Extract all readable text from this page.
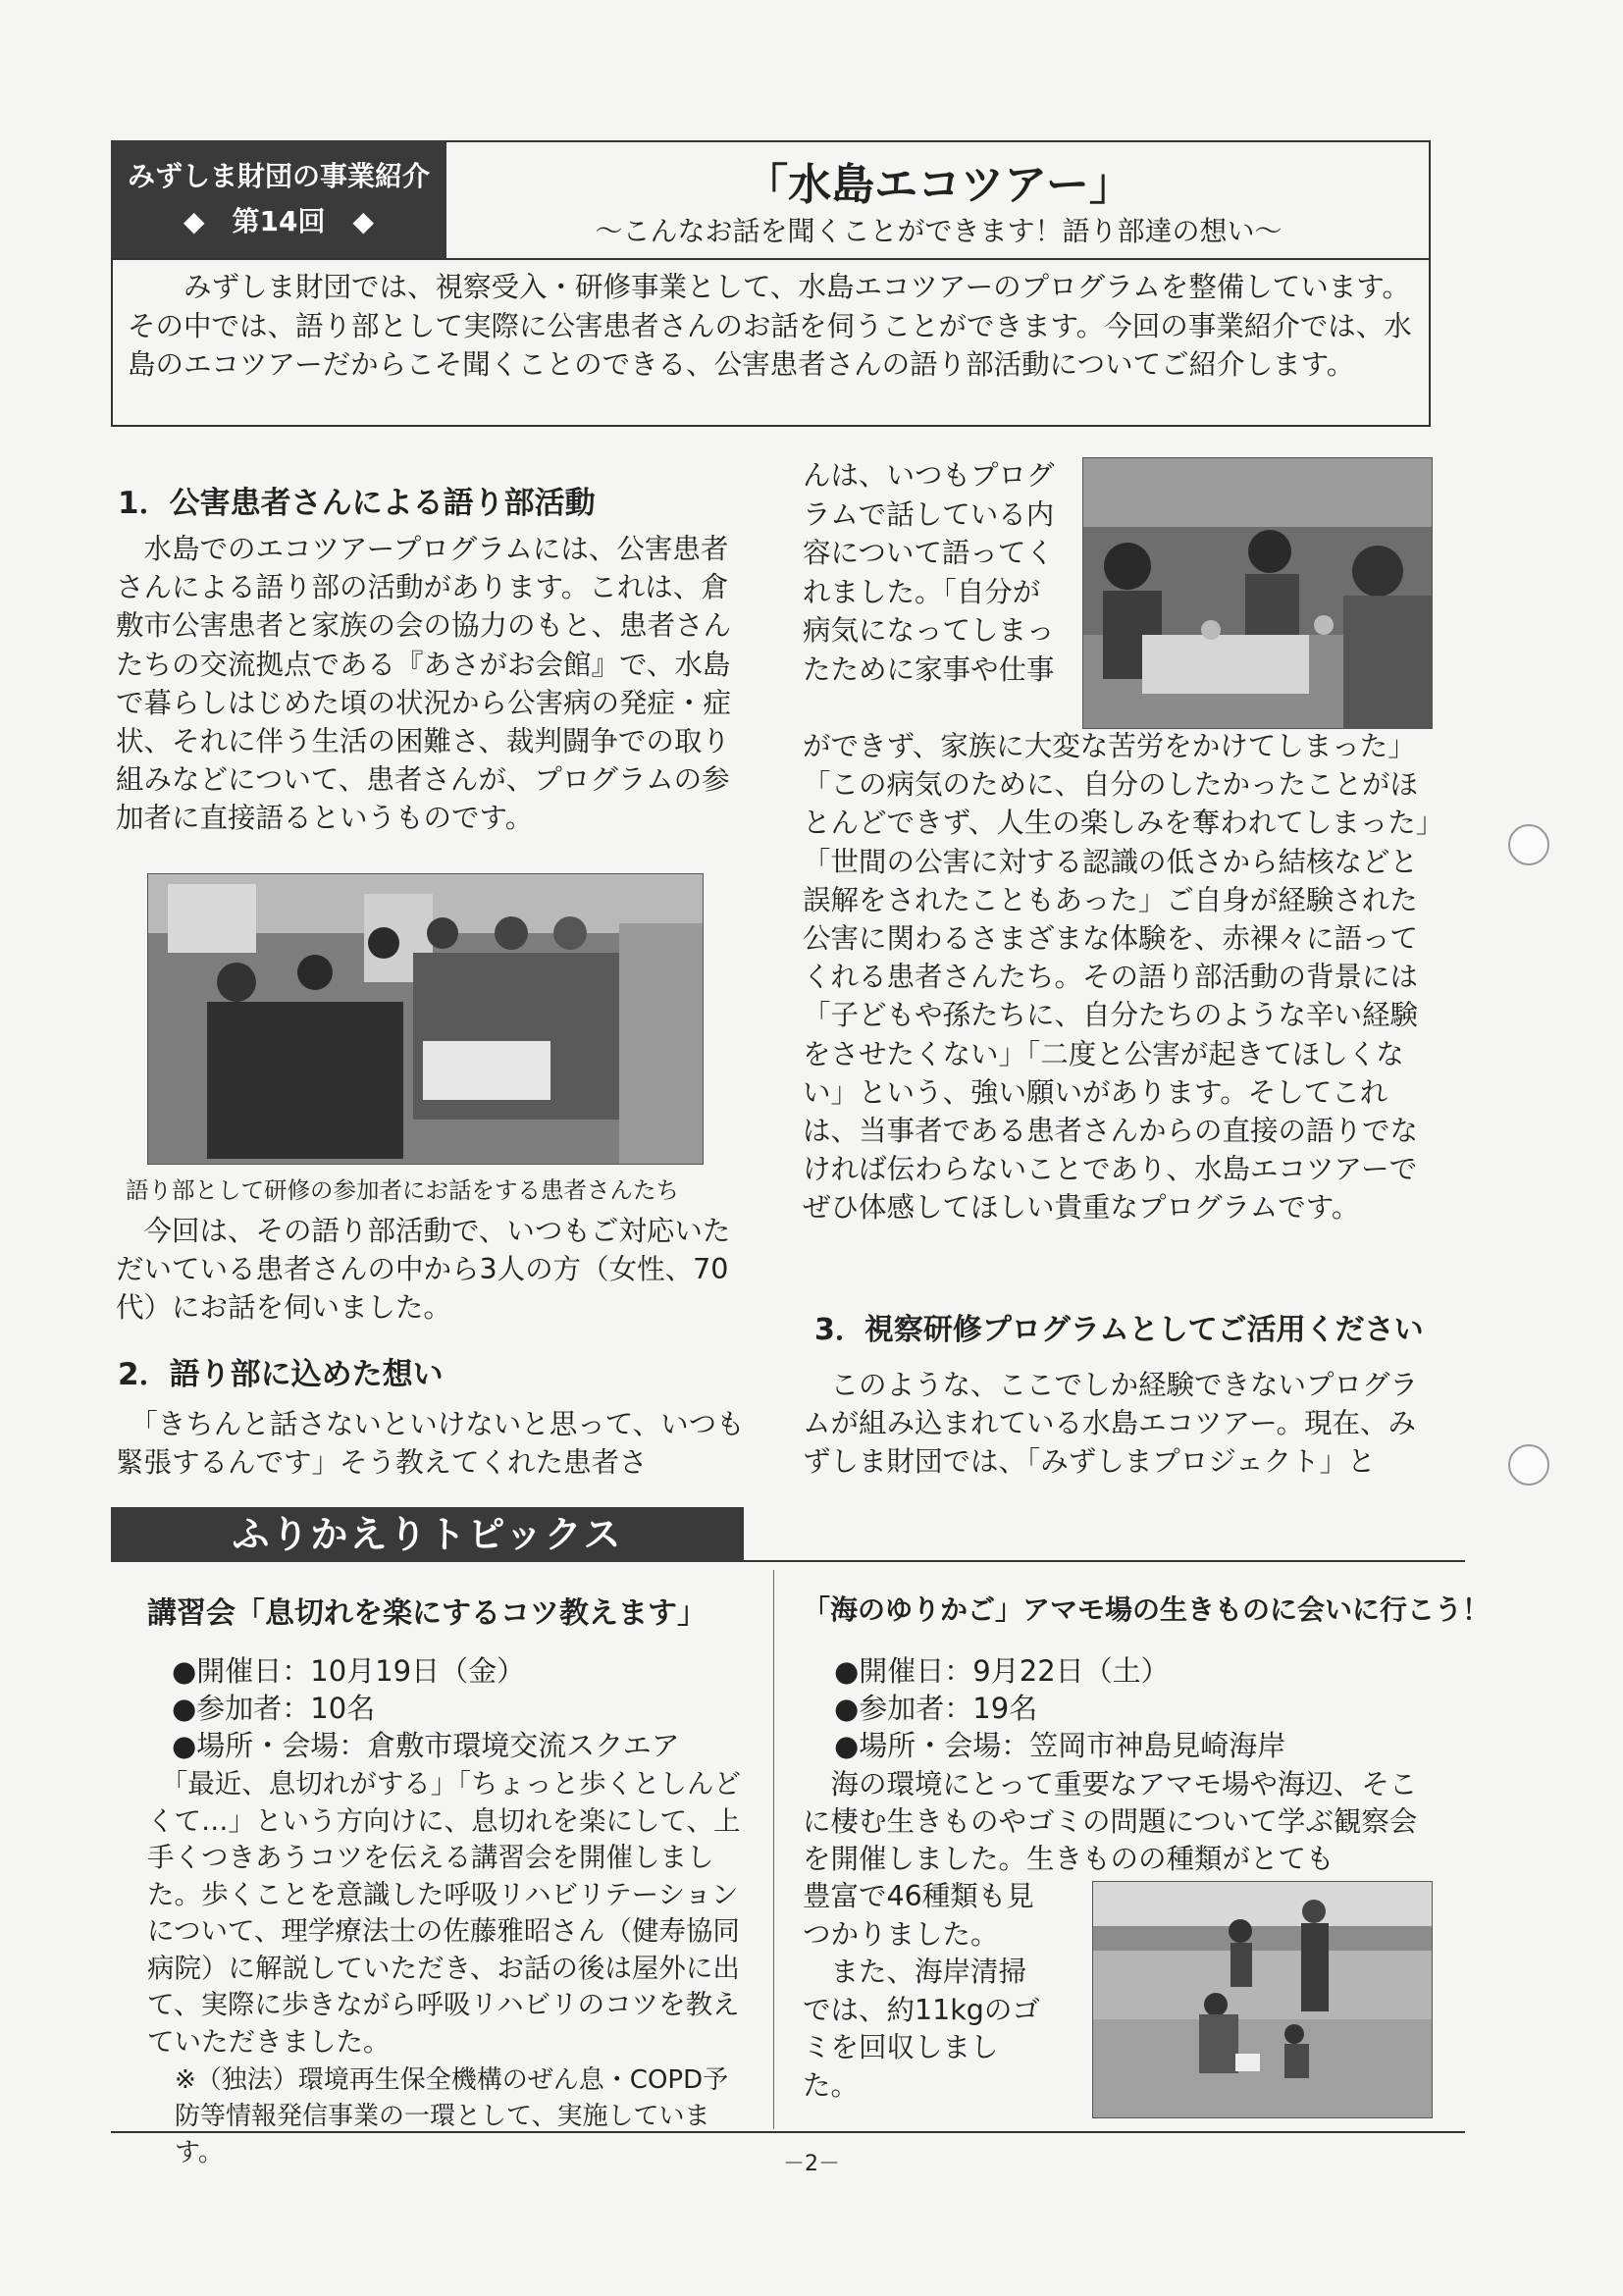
みずしま財団の事業紹介
◆　第14回　◆
「水島エコツアー」
～こんなお話を聞くことができます！語り部達の想い～
みずしま財団では、視察受入・研修事業として、水島エコツアーのプログラムを整備しています。その中では、語り部として実際に公害患者さんのお話を伺うことができます。今回の事業紹介では、水島のエコツアーだからこそ聞くことのできる、公害患者さんの語り部活動についてご紹介します。
1．公害患者さんによる語り部活動
　水島でのエコツアープログラムには、公害患者さんによる語り部の活動があります。これは、倉敷市公害患者と家族の会の協力のもと、患者さんたちの交流拠点である『あさがお会館』で、水島で暮らしはじめた頃の状況から公害病の発症・症状、それに伴う生活の困難さ、裁判闘争での取り組みなどについて、患者さんが、プログラムの参加者に直接語るというものです。
語り部として研修の参加者にお話をする患者さんたち
　今回は、その語り部活動で、いつもご対応いただいている患者さんの中から3人の方（女性、70代）にお話を伺いました。
2．語り部に込めた想い
　「きちんと話さないといけないと思って、いつも緊張するんです」そう教えてくれた患者さ
んは、いつもプログラムで話している内容について語ってくれました。「自分が病気になってしまったために家事や仕事
ができず、家族に大変な苦労をかけてしまった」「この病気のために、自分のしたかったことがほとんどできず、人生の楽しみを奪われてしまった」「世間の公害に対する認識の低さから結核などと誤解をされたこともあった」ご自身が経験された公害に関わるさまざまな体験を、赤裸々に語ってくれる患者さんたち。その語り部活動の背景には「子どもや孫たちに、自分たちのような辛い経験をさせたくない」「二度と公害が起きてほしくない」という、強い願いがあります。そしてこれは、当事者である患者さんからの直接の語りでなければ伝わらないことであり、水島エコツアーでぜひ体感してほしい貴重なプログラムです。
3．視察研修プログラムとしてご活用ください
　このような、ここでしか経験できないプログラムが組み込まれている水島エコツアー。現在、みずしま財団では、「みずしまプロジェクト」と
ふりかえりトピックス
講習会「息切れを楽にするコツ教えます」
●開催日：10月19日（金）
●参加者：10名
●場所・会場：倉敷市環境交流スクエア
　「最近、息切れがする」「ちょっと歩くとしんどくて…」という方向けに、息切れを楽にして、上手くつきあうコツを伝える講習会を開催しました。歩くことを意識した呼吸リハビリテーションについて、理学療法士の佐藤雅昭さん（健寿協同病院）に解説していただき、お話の後は屋外に出て、実際に歩きながら呼吸リハビリのコツを教えていただきました。
※（独法）環境再生保全機構のぜん息・COPD予防等情報発信事業の一環として、実施しています。
「海のゆりかご」アマモ場の生きものに会いに行こう！
●開催日：9月22日（土）
●参加者：19名
●場所・会場：笠岡市神島見崎海岸
　海の環境にとって重要なアマモ場や海辺、そこに棲む生きものやゴミの問題について学ぶ観察会を開催しました。生きものの種類がとても
豊富で46種類も見つかりました。
　また、海岸清掃では、約11kgのゴミを回収しました。
－2－
